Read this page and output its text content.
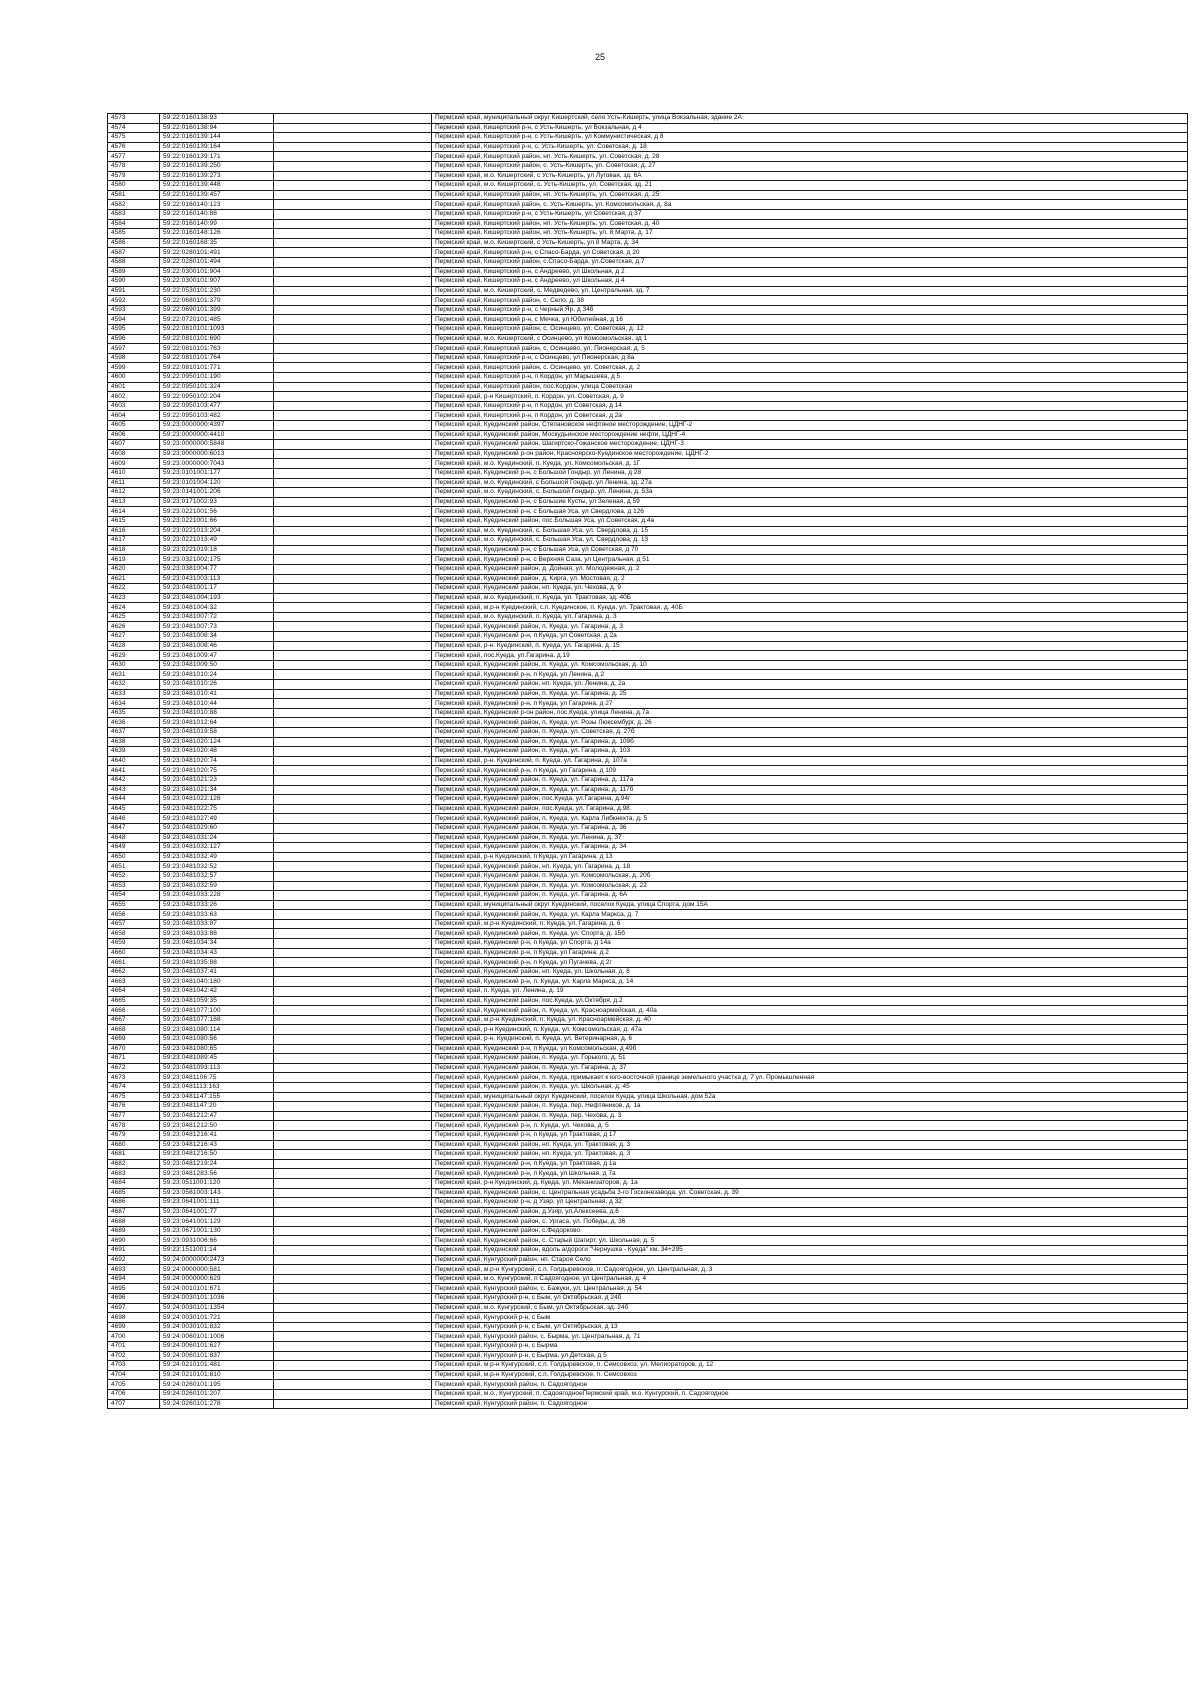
25
4573	59:22:0160138:93		Пермский край, муниципальный округ Кишертский, село Усть-Кишерть, улица Вокзальная, здание 2А
4574	59:22:0160138:94		Пермский край, Кишертский р-н, с Усть-Кишерть, ул Вокзальная, д 4
4575	59:22:0160139:144		Пермский край, Кишертский р-н, с Усть-Кишерть, ул Коммунистическая, д 8
4576	59:22:0160139:164		Пермский край, Кишертский р-н, с. Усть-Кишерть, ул. Советская, д. 18
4577	59:22:0160139:171		Пермский край, Кишертский район, нп. Усть-Кишерть, ул. Советская, д. 28
4578	59:22:0160139:250		Пермский край, Кишертский район, с. Усть-Кишерть, ул. Советская, д. 27
4579	59:22:0160139:273		Пермский край, м.о. Кишертский, с Усть-Кишерть, ул Луговая, зд. 6А
4580	59:22:0160139:448		Пермский край, м.о. Кишертский, с. Усть-Кишерть, ул. Советская, зд. 21
4581	59:22:0160139:457		Пермский край, Кишертский район, нп. Усть-Кишерть, ул. Советская, д. 25
4582	59:22:0160140:123		Пермский край, Кишертский район, с. Усть-Кишерть, ул. Комсомольская, д. 8а
4583	59:22:0160140:88		Пермский край, Кишертский р-н, с Усть-Кишерть, ул Советская, д 37
4584	59:22:0160140:99		Пермский край, Кишертский район, нп. Усть-Кишерть, ул. Советская, д. 40
4585	59:22:0160148:126		Пермский край, Кишертский район, нп. Усть-Кишерть, ул. 8 Марта, д. 17
4586	59:22:0160168:35		Пермский край, м.о. Кишертский, с Усть-Кишерть, ул 8 Марта, д. 34
4587	59:22:0280101:491		Пермский край, Кишертский р-н, с Спасо-Барда, ул Советская, д 20
4588	59:22:0280101:494		Пермский край, Кишертский район, с.Спасо-Барда, ул.Советская, д.7
4589	59:22:0300101:904		Пермский край, Кишертский р-н, с Андреево, ул Школьная, д 2
4590	59:22:0300101:907		Пермский край, Кишертский р-н, с Андреево, ул Школьная, д 4
4591	59:22:0530101:230		Пермский край, м.о. Кишертский, с. Медведево, ул. Центральная, зд. 7
4592	59:22:0680101:379		Пермский край, Кишертский район, с. Село, д. 38
4593	59:22:0690101:399		Пермский край, Кишертский р-н, с Черный Яр, д 34б
4594	59:22:0720101:485		Пермский край, Кишертский р-н, с Мечка, ул Юбилейная, д 16
4595	59:22:0810101:1093		Пермский край, Кишертский район, с. Осинцево, ул. Советская, д. 12
4596	59:22:0810101:690		Пермский край, м.о. Кишертский, с Осинцево, ул Комсомольская, зд 1
4597	59:22:0810101:763		Пермский край, Кишертский район, с. Осинцево, ул. Пионерская, д. 5
4598	59:22:0810101:764		Пермский край, Кишертский р-н, с Осинцево, ул Пионерская, д 8а
4599	59:22:0810101:771		Пермский край, Кишертский район, с. Осинцево, ул. Советская, д. 2
4600	59:22:0950101:190		Пермский край, Кишертский р-н, п Кордон, ул Марышева, д 5
4601	59:22:0950101:324		Пермский край, Кишертский район, пос.Кордон, улица Советская
4602	59:22:0950102:204		Пермский край, р-н Кишертский, п. Кордон, ул. Советская, д. 9
4603	59:22:0950103:477		Пермский край, Кишертский р-н, п Кордон, ул Советская, д 14
4604	59:22:0950103:482		Пермский край, Кишертский р-н, п Кордон, ул Советская, д 2а
4605	59:23:0000000:4397		Пермский край, Куединский район, Степановское нефтяное месторождение, ЦДНГ-2
4606	59:23:0000000:4410		Пермский край, Куединский район, Москудьинское месторождение нефти, ЦДНГ-4
4607	59:23:0000000:5848		Пермский край, Куединский район, Шагиртско-Гожанское месторождение, ЦДНГ-3
4608	59:23:0000000:6013		Пермский край, Куединский р-он район, Красноярско-Куединское месторождение, ЦДНГ-2
4609	59:23:0000000:7043		Пермский край, м.о. Куединский, п. Куеда, ул. Комсомольская, д. 1Г
4610	59:23:0101001:177		Пермский край, Куединский р-н, с Большой Гондыр, ул Ленина, д 28
4611	59:23:0101004:120		Пермский край, м.о. Куединский, с Большой Гондыр, ул Ленина, зд. 27а
4612	59:23:0141001:206		Пермский край, м.о. Куединский, с. Большой Гондыр, ул. Ленина, д. 53а
4613	59:23:0171002:93		Пермский край, Куединский р-н, с Большие Кусты, ул Зеленая, д 59
4614	59:23:0221001:56		Пермский край, Куединский р-н, с Большая Уса, ул Свердлова, д 126
4615	59:23:0221001:66		Пермский край, Куединский район, пос.Большая Уса, ул.Советская, д.4а
4616	59:23:0221013:204		Пермский край, м.о. Куединский, с. Большая Уса, ул. Свердлова, д. 15
4617	59:23:0221013:49		Пермский край, м.о. Куединский, с. Большая Уса, ул. Свердлова, д. 13
4618	59:23:0221019:18		Пермский край, Куединский р-н, с Большая Уса, ул Советская, д 70
4619	59:23:0321002:175		Пермский край, Куединский р-н, с Верхняя Саза, ул Центральная, д 51
4620	59:23:0381004:77		Пермский край, Куединский район, д. Дойная, ул. Молодежная, д. 2
4621	59:23:0431003:113		Пермский край, Куединский район, д. Кирга, ул. Мостовая, д. 2
4622	59:23:0481001:17		Пермский край, Куединский район, нп. Куеда, ул. Чехова, д. 9
4623	59:23:0481004:193		Пермский край, м.о. Куединский, п. Куеда, ул. Трактовая, зд. 40Б
4624	59:23:0481004:32		Пермский край, м.р-н Куединский, с.п. Куединское, п. Куеда, ул. Трактовая, д. 40Б
4625	59:23:0481007:72		Пермский край, м.о. Куединский, п. Куеда, ул. Гагарина, д. 3
4626	59:23:0481007:73		Пермский край, Куединский район, п. Куеда, ул. Гагарина, д. 3
4627	59:23:0481008:34		Пермский край, Куединский р-н, п Куеда, ул Советская, д 2а
4628	59:23:0481008:46		Пермский край, р-н. Куединский, п. Куеда, ул. Гагарина, д. 15
4629	59:23:0481009:47		Пермский край, пос.Куеда, ул.Гагарина, д.19
4630	59:23:0481009:50		Пермский край, Куединский район, п. Куеда, ул. Комсомольская, д. 10
4631	59:23:0481010:24		Пермский край, Куединский р-н, п Куеда, ул Ленина, д 2
4632	59:23:0481010:26		Пермский край, Куединский район, нп. Куеда, ул. Ленина, д. 2а
4633	59:23:0481010:41		Пермский край, Куединский район, п. Куеда, ул. Гагарина, д. 25
4634	59:23:0481010:44		Пермский край, Куединский р-н, п Куеда, ул Гагарина, д 27
4635	59:23:0481010:88		Пермский край, Куединский р-он район, пос.Куеда, улица Ленина, д.7а
4636	59:23:0481012:64		Пермский край, Куединский район, п. Куеда, ул. Розы Люксембург, д. 26
4637	59:23:0481019:58		Пермский край, Куединский район, п. Куеда, ул. Советская, д. 27б
4638	59:23:0481020:124		Пермский край, Куединский район, п. Куеда, ул. Гагарина, д. 109б
4639	59:23:0481020:48		Пермский край, Куединский район, п. Куеда, ул. Гагарина, д. 103
4640	59:23:0481020:74		Пермский край, р-н. Куединский, п. Куеда, ул. Гагарина, д. 107а
4641	59:23:0481020:75		Пермский край, Куединский р-н, п Куеда, ул Гагарина, д 109
4642	59:23:0481021:23		Пермский край, Куединский район, п. Куеда, ул. Гагарина, д. 117а
4643	59:23:0481021:34		Пермский край, Куединский район, п. Куеда, ул. Гагарина, д. 117б
4644	59:23:0481022:126		Пермский край, Куединский район, пос.Куеда, ул.Гагарина, д.94г
4645	59:23:0481022:75		Пермский край, Куединский район, пос.Куеда, ул. Гагарина, д.98
4646	59:23:0481027:49		Пермский край, Куединский район, п. Куеда, ул. Карла Либкнехта, д. 5
4647	59:23:0481029:60		Пермский край, Куединский район, п. Куеда, ул. Гагарина, д. 36
4648	59:23:0481031:24		Пермский край, Куединский район, п. Куеда, ул. Ленина, д. 37
4649	59:23:0481032:127		Пермский край, Куединский район, п. Куеда, ул. Гагарина, д. 34
4650	59:23:0481032:49		Пермский край, р-н Куединский, п Куеда, ул Гагарина, д 13
4651	59:23:0481032:52		Пермский край, Куединский район, нп. Куеда, ул. Гагарина, д. 18
4652	59:23:0481032:57		Пермский край, Куединский район, п. Куеда, ул. Комсомольская, д. 20б
4653	59:23:0481032:59		Пермский край, Куединский район, п. Куеда, ул. Комсомольская, д. 22
4654	59:23:0481033:228		Пермский край, Куединский район, п. Куеда, ул. Гагарина, д. 6А
4655	59:23:0481033:26		Пермский край, муниципальный округ Куединский, поселок Куеда, улица Спорта, дом 15А
4656	59:23:0481033:63		Пермский край, Куединский район, п. Куеда, ул. Карла Маркса, д. 7
4657	59:23:0481033:87		Пермский край, м.р-н Куединский, п. Куеда, ул. Гагарина, д. 6
4658	59:23:0481033:88		Пермский край, Куединский район, п. Куеда, ул. Спорта, д. 15б
4659	59:23:0481034:34		Пермский край, Куединский р-н, п Куеда, ул Спорта, д 14а
4660	59:23:0481034:43		Пермский край, Куединский р-н, п Куеда, ул Гагарина, д 2
4661	59:23:0481035:88		Пермский край, Куединский р-н, п Куеда, ул Пугачева, д 2г
4662	59:23:0481037:41		Пермский край, Куединский район, нп. Куеда, ул. Школьная, д. 8
4663	59:23:0481040:180		Пермский край, Куединский р-н, п. Куеда, ул. Карла Маркса, д. 14
4664	59:23:0481042:42		Пермский край, п. Куеда, ул. Ленина, д. 19
4665	59:23:0481059:35		Пермский край, Куединский район, пос.Куеда, ул.Октября, д.2
4666	59:23:0481077:100		Пермский край, Куединский район, п. Куеда, ул. Красноармейская, д. 40а
4667	59:23:0481077:168		Пермский край, м.р-н Куединский, п. Куеда, ул. Красноармейская, д. 40
4668	59:23:0481080:114		Пермский край, р-н Куединский, п. Куеда, ул. Комсомольская, д. 47а
4669	59:23:0481080:56		Пермский край, р-н. Куединский, п. Куеда, ул. Ветеринарная, д. 6
4670	59:23:0481080:65		Пермский край, Куединский р-н, п Куеда, ул Комсомольская, д 49б
4671	59:23:0481089:45		Пермский край, Куединский район, п. Куеда, ул. Горького, д. 51
4672	59:23:0481093:113		Пермский край, Куединский район, п. Куеда, ул. Гагарина, д. 37
4673	59:23:0481106:75		Пермский край, Куединский район, п. Куеда, примыкает к юго-восточной границе земельного участка д. 7 ул. Промышленная
4674	59:23:0481113:163		Пермский край, Куединский район, п. Куеда, ул. Школьная, д. 45
4675	59:23:0481147:155		Пермский край, муниципальный округ Куединский, поселок Куеда, улица Школьная, дом 52а
4676	59:23:0481147:20		Пермский край, Куединский район, п. Куеда, пер. Нефтяников, д. 1а
4677	59:23:0481212:47		Пермский край, Куединский район, п. Куеда, пер. Чехова, д. 3
4678	59:23:0481212:50		Пермский край, Куединский р-н, п. Куеда, ул. Чехова, д. 5
4679	59:23:0481216:41		Пермский край, Куединский р-н, п Куеда, ул Трактовая, д 17
4680	59:23:0481216:43		Пермский край, Куединский район, нп. Куеда, ул. Трактовая, д. 3
4681	59:23:0481216:50		Пермский край, Куединский район, нп. Куеда, ул. Трактовая, д. 3
4682	59:23:0481219:24		Пермский край, Куединский р-н, п Куеда, ул Трактовая, д 1а
4683	59:23:0481283:56		Пермский край, Куединский р-н, п Куеда, ул Школьная, д 7а
4684	59:23:0511001:120		Пермский край, р-н Куединский, д. Куеда, ул. Механизаторов, д. 1а
4685	59:23:0581003:143		Пермский край, Куединский район, с. Центральная усадьба 3-го Госконезавода, ул. Советская, д. 39
4686	59:23:0641001:111		Пермский край, Куединский р-н, д Узяр, ул Центральная, д 32
4687	59:23:0641001:77		Пермский край, Куединский район, д.Узяр, ул.Алексеева, д.6
4688	59:23:0641001:129		Пермский край, Куединский район, с. Ургаса, ул. Победы, д. 36
4689	59:23:0671001:130		Пермский край, Куединский район, с.Федорково
4690	59:23:0931006:66		Пермский край, Куединский район, с. Старый Шагирт, ул. Школьная, д. 5
4691	59:23:1511001:14		Пермский край, Куединский район, вдоль а/дороги "Чернушка - Куеда" км. 34+295
4692	59:24:0000000:2473		Пермский край, Кунгурский район, нп. Старое Село
4693	59:24:0000000:581		Пермский край, м.р-н Кунгурский, с.п. Голдыревское, п. Садоягодное, ул. Центральная, д. 3
4694	59:24:0000000:629		Пермский край, м.о. Кунгурский, п Садоягодное, ул Центральная, д. 4
4695	59:24:0010101:671		Пермский край, Кунгурский район, с. Бажуки, ул. Центральная, д. 54
4696	59:24:0030101:1036		Пермский край, Кунгурский р-н, с Бым, ул Октябрьская, д 24б
4697	59:24:0030101:1354		Пермский край, м.о. Кунгурский, с Бым, ул Октябрьская, зд. 24б
4698	59:24:0030101:721		Пермский край, Кунгурский р-н, с Бым
4699	59:24:0030101:832		Пермский край, Кунгурский р-н, с Бым, ул Октябрьская, д 13
4700	59:24:0060101:1006		Пермский край, Кунгурский район, с. Бырма, ул. Центральная, д. 71
4701	59:24:0060101:627		Пермский край, Кунгурский р-н, с Бырма
4702	59:24:0060101:837		Пермский край, Кунгурский р-н, с Бырма, ул Детская, д 5
4703	59:24:0210101:481		Пермский край, м.р-н Кунгурский, с.п. Голдыревское, п. Семсовхоз, ул. Мелиораторов, д. 12
4704	59:24:0210101:810		Пермский край, м.р-н Кунгурский, с.п. Голдыревское, п. Семсовхоз
4705	59:24:0260101:195		Пермский край, Кунгурский район, п. Садоягодное
4706	59:24:0260101:207		Пермский край, м.о., Кунгурский, п. СадоягодноеПермский край, м.о. Кунгурский, п. Садоягодное
4707	59:24:0260101:278		Пермский край, Кунгурский район, п. Садоягодное
